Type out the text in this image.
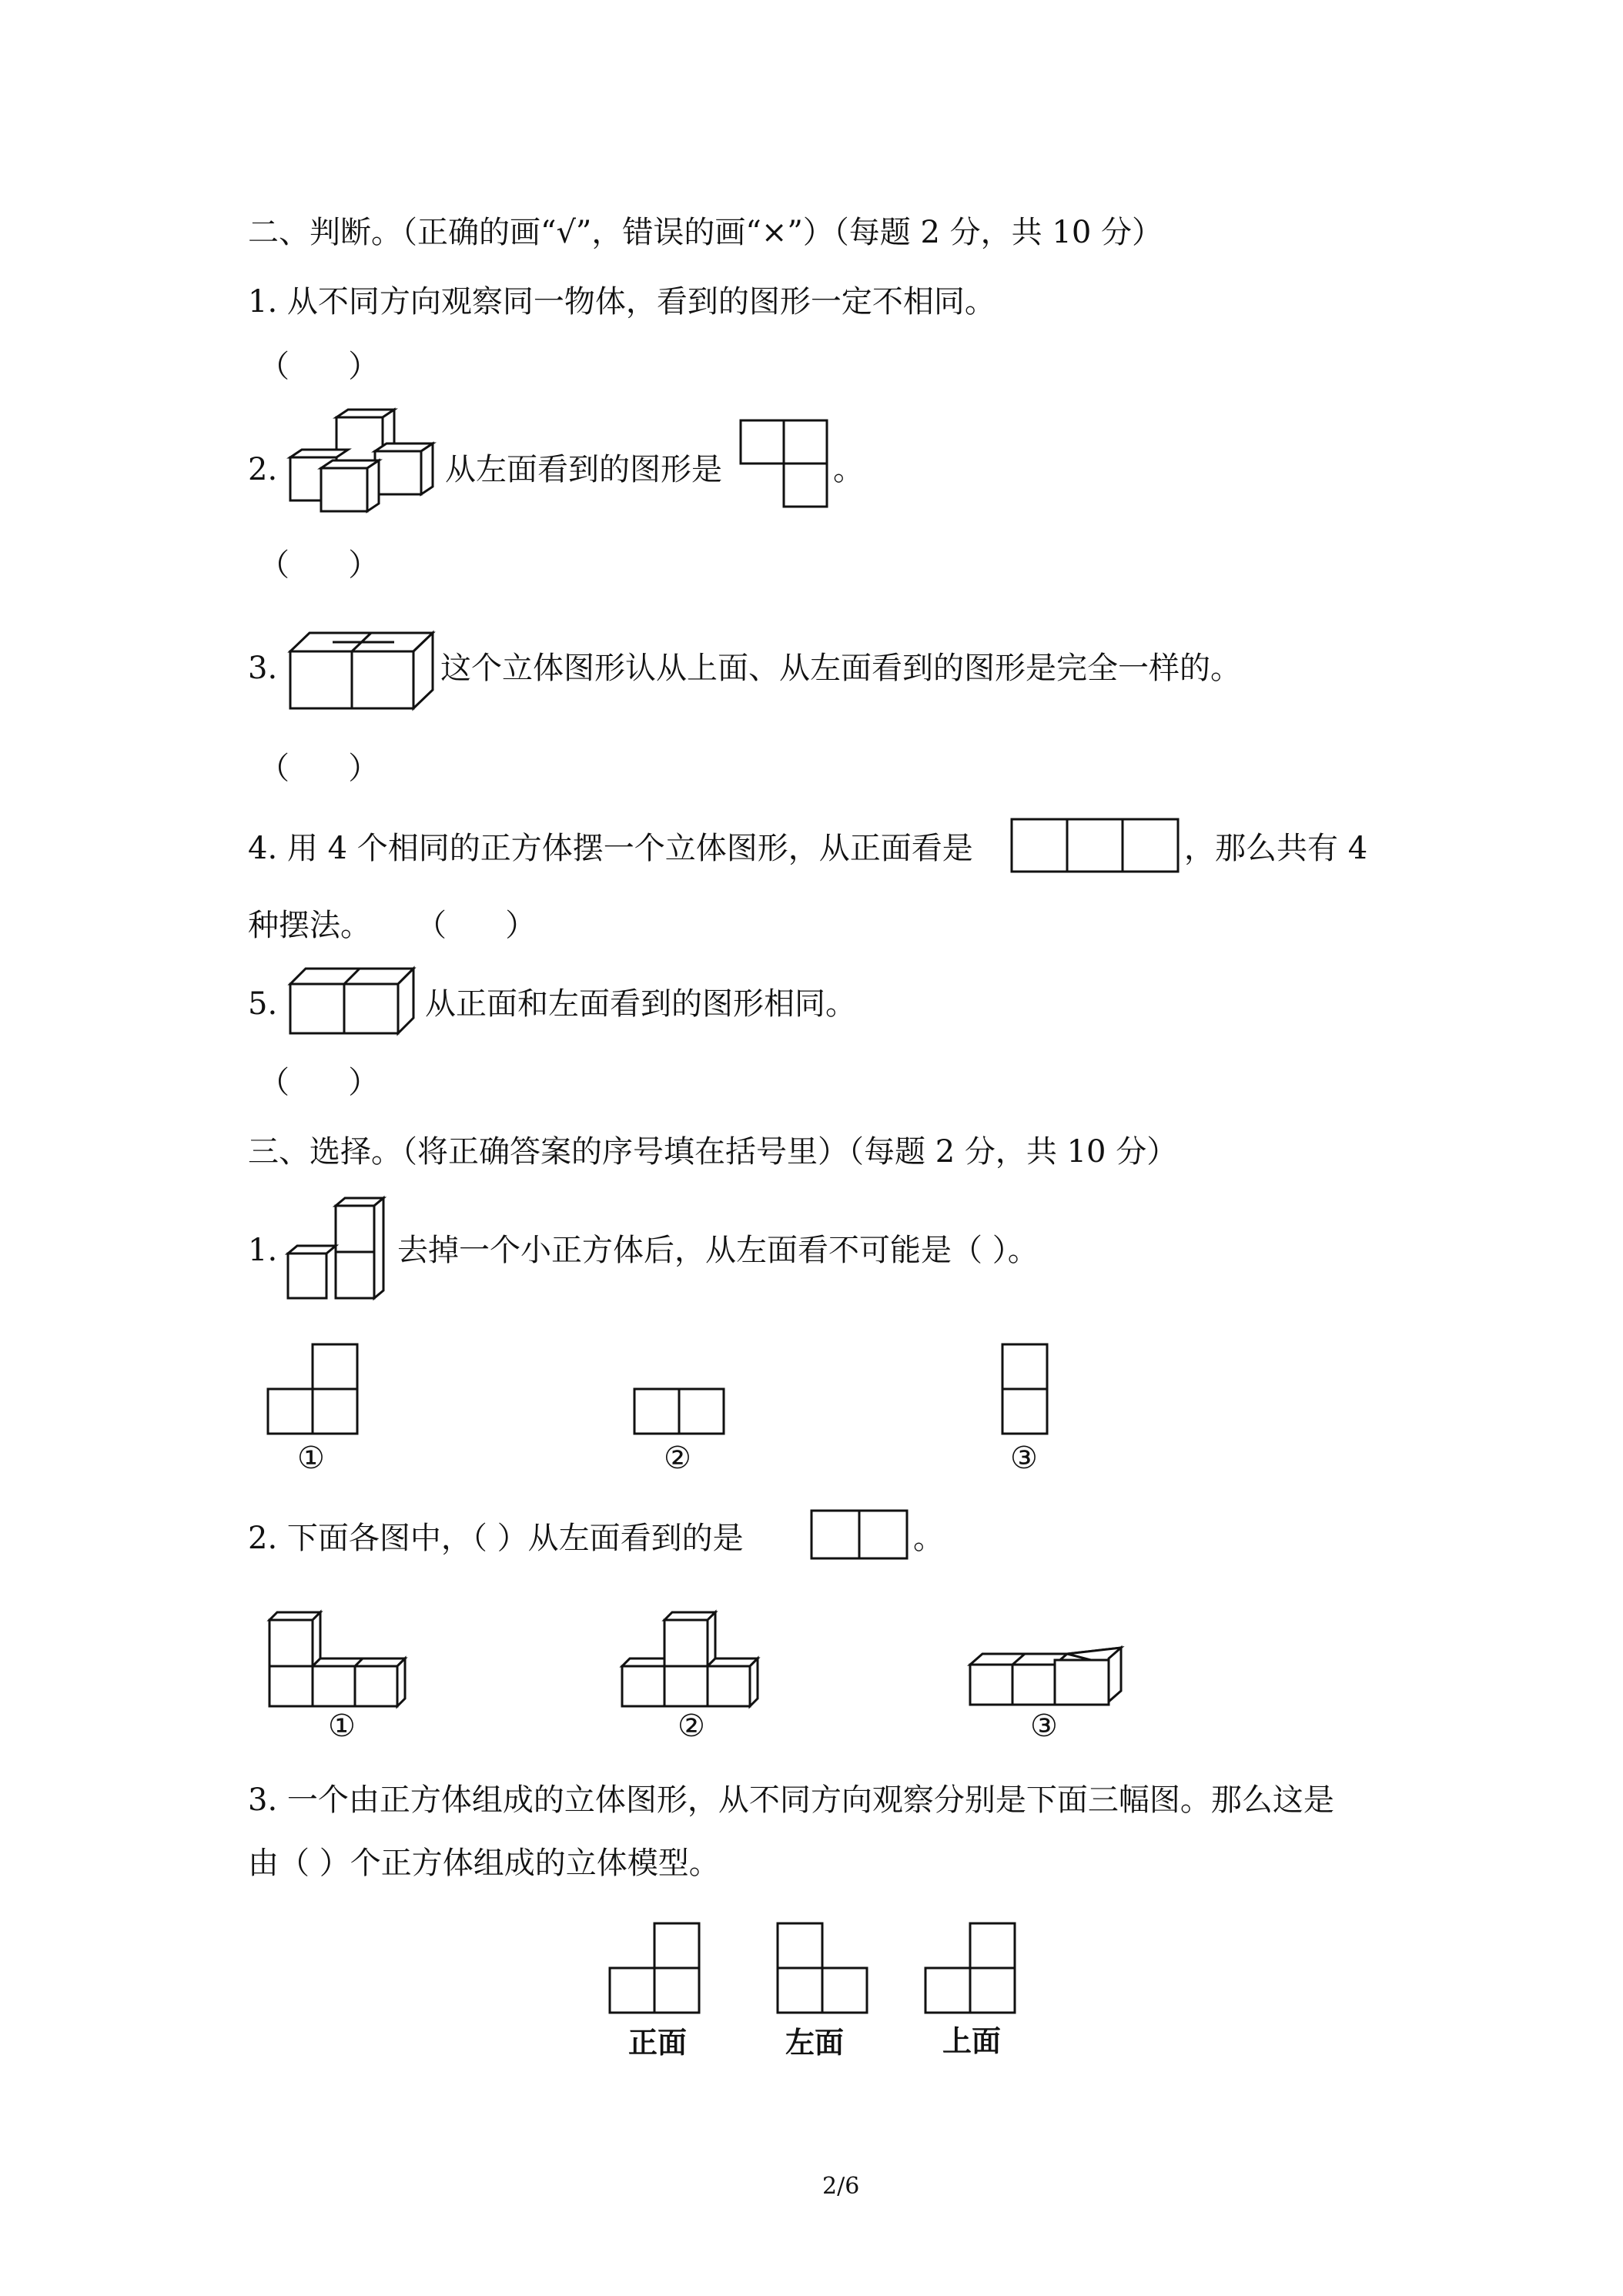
二、判断。（正确的画“√”，错误的画“×”）（每题 2 分，共 10 分）
1. 从不同方向观察同一物体，看到的图形一定不相同。
（      ）
2.	从左面看到的图形是	。
（      ）
3.	这个立体图形认从上面、从左面看到的图形是完全一样的。
（      ）
4. 用 4 个相同的正方体摆一个立体图形，从正面看是	，那么共有 4
种摆法。 （      ）
5.	从正面和左面看到的图形相同。
（      ）
三、选择。（将正确答案的序号填在括号里）（每题 2 分，共 10 分）
1.	去掉一个小正方体后，从左面看不可能是（ ）。
①	②	③
2. 下面各图中，（ ）从左面看到的是	。
①	②	③
3. 一个由正方体组成的立体图形，从不同方向观察分别是下面三幅图。那么这是
由（ ）个正方体组成的立体模型。
正面	左面	上面
2/6
